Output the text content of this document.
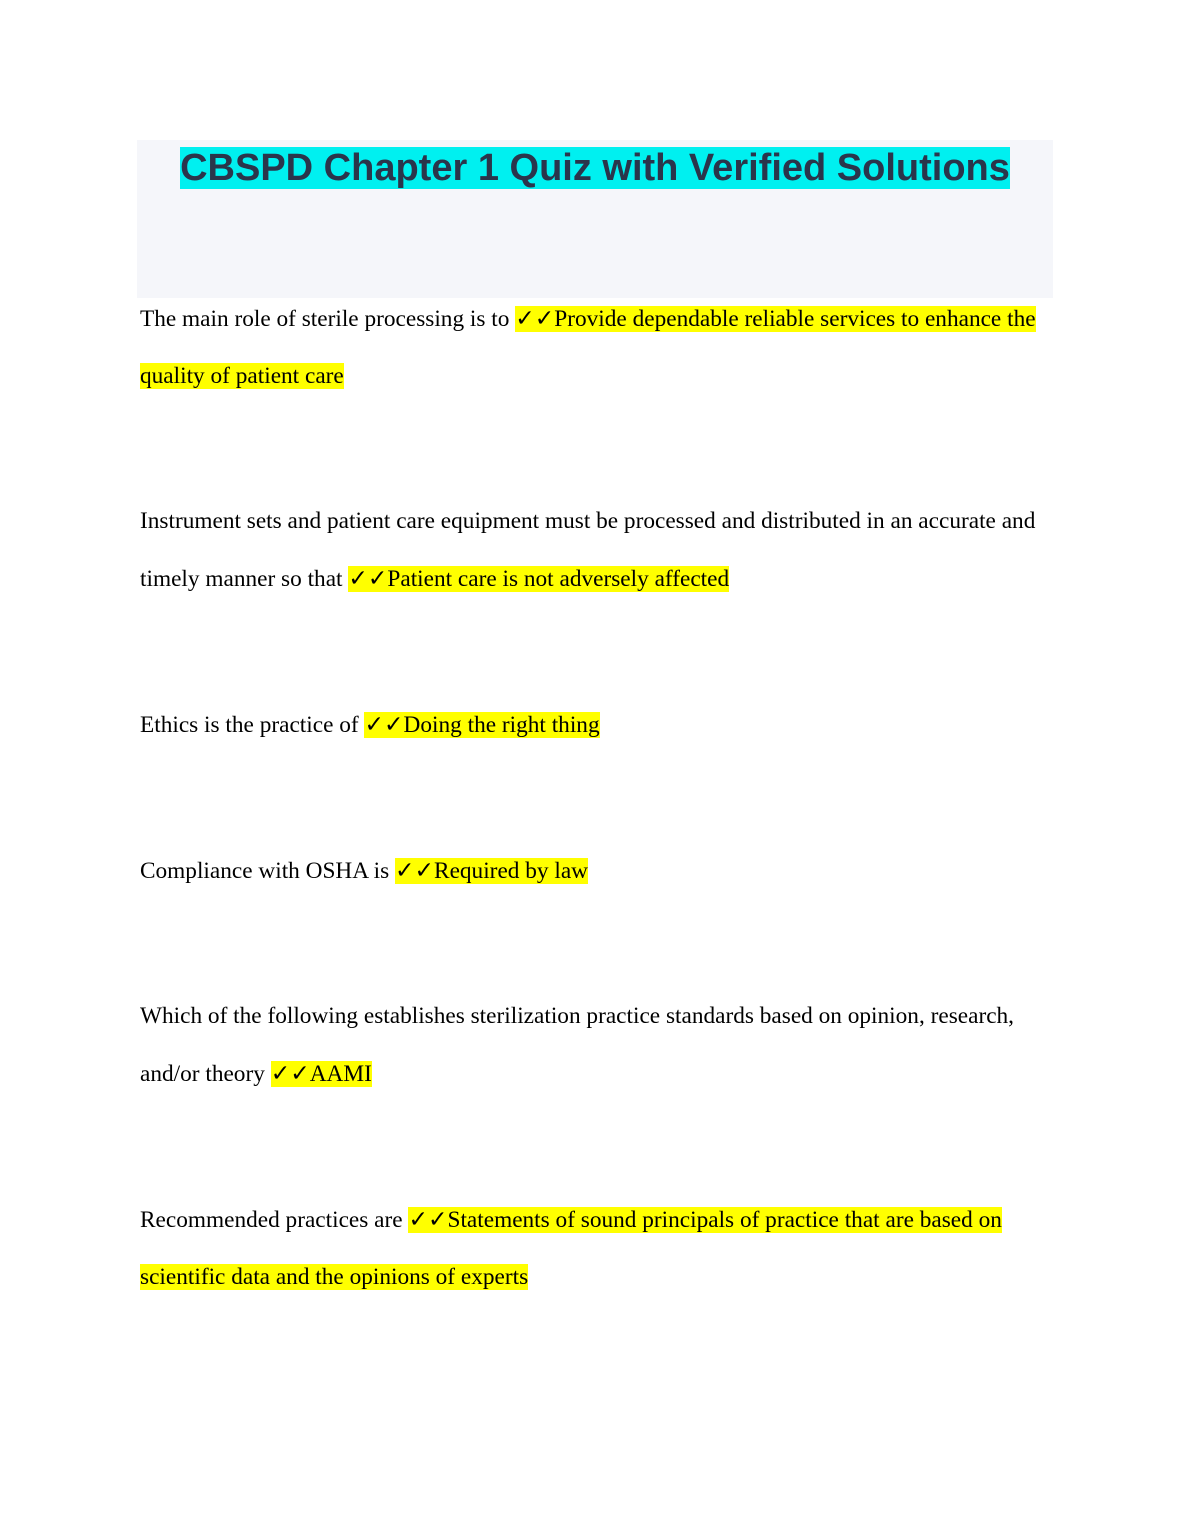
CBSPD Chapter 1 Quiz with Verified Solutions

The main role of sterile processing is to ✓✓Provide dependable reliable services to enhance the quality of patient care

Instrument sets and patient care equipment must be processed and distributed in an accurate and timely manner so that ✓✓Patient care is not adversely affected

Ethics is the practice of ✓✓Doing the right thing

Compliance with OSHA is ✓✓Required by law

Which of the following establishes sterilization practice standards based on opinion, research, and/or theory ✓✓AAMI

Recommended practices are ✓✓Statements of sound principals of practice that are based on scientific data and the opinions of experts
